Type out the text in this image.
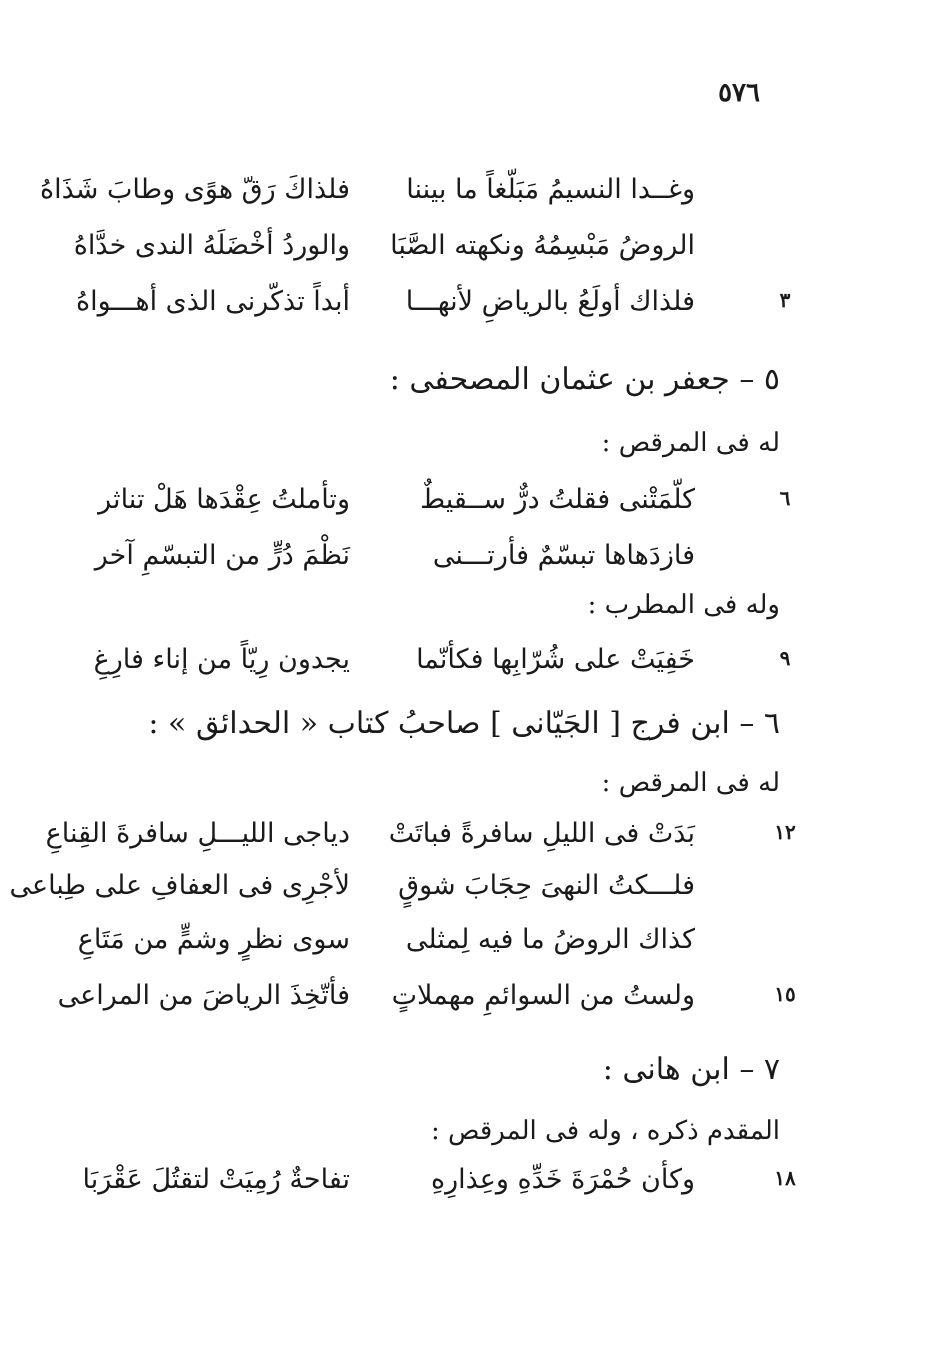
٥٧٦
وغــدا النسيمُ مَبَلّغاً ما بيننا
فلذاكَ رَقّ هوًى وطابَ شَذَاهُ
الروضُ مَبْسِمُهُ ونكهته الصَّبَا
والوردُ أخْضَلَهُ الندى خدَّاهُ
٣
فلذاك أولَعُ بالرياضِ لأنهـــا
أبداً تذكّرنى الذى أهـــواهُ
٥ – جعفر بن عثمان المصحفى :
له فى المرقص :
٦
كلّمَتْنى فقلتُ درٌّ ســقيطٌ
وتأملتُ عِقْدَها هَلْ تناثر
فازدَهاها تبسّمٌ فأرتـــنى
نَظْمَ دُرٍّ من التبسّمِ آخر
وله فى المطرب :
٩
خَفِيَتْ على شُرّابِها فكأنّما
يجدون رِيّاً من إناء فارِغِ
٦ – ابن فرج [ الجَيّانى ] صاحبُ كتاب « الحدائق » :
له فى المرقص :
١٢
بَدَتْ فى الليلِ سافرةً فباتَتْ
دياجى الليـــلِ سافرةَ القِناعِ
فلـــكتُ النهىَ حِجَابَ شوقٍ
لأجْرِى فى العفافِ على طِباعى
كذاك الروضُ ما فيه لِمثلى
سوى نظرٍ وشمٍّ من مَتَاعِ
١٥
ولستُ من السوائمِ مهملاتٍ
فأتّخِذَ الرياضَ من المراعى
٧ – ابن هانى :
المقدم ذكره ، وله فى المرقص :
١٨
وكأن حُمْرَةَ خَدِّهِ وعِذارِهِ
تفاحةٌ رُمِيَتْ لتقتُلَ عَقْرَبَا
